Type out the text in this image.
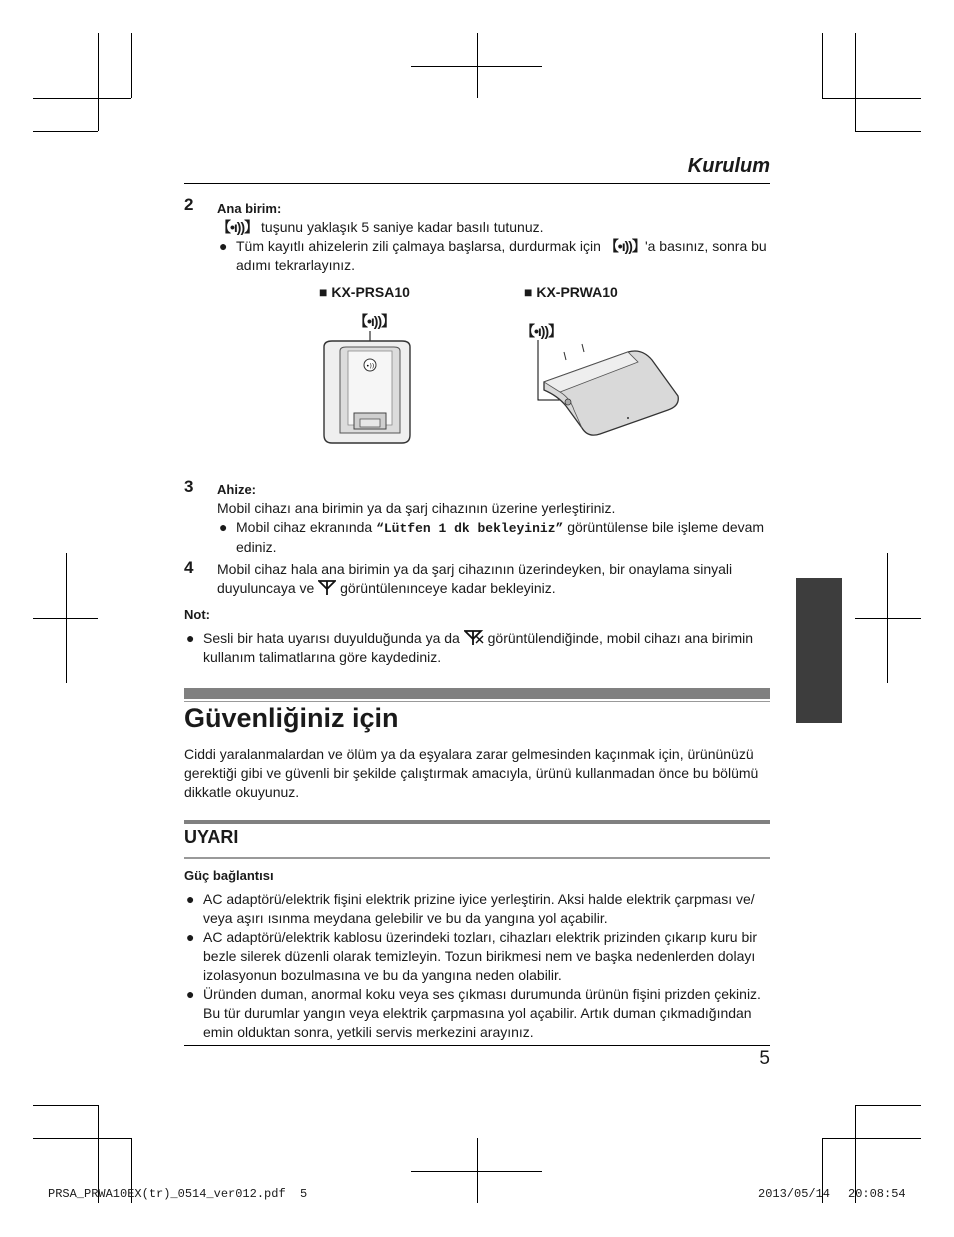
Kurulum
2 Ana birim:
【•ı))】 tuşunu yaklaşık 5 saniye kadar basılı tutunuz.
● Tüm kayıtlı ahizelerin zili çalmaya başlarsa, durdurmak için 【•ı))】'a basınız, sonra bu adımı tekrarlayınız.
■ KX-PRSA10	■ KX-PRWA10
【•ı))】
【•ı))】
•))
3 Ahize:
Mobil cihazı ana birimin ya da şarj cihazının üzerine yerleştiriniz.
● Mobil cihaz ekranında “Lütfen 1 dk bekleyiniz” görüntülense bile işleme devam ediniz.
4 Mobil cihaz hala ana birimin ya da şarj cihazının üzerindeyken, bir onaylama sinyali duyuluncaya ve  görüntülenınceye kadar bekleyiniz.
Not:
● Sesli bir hata uyarısı duyulduğunda ya da  görüntülendiğinde, mobil cihazı ana birimin kullanım talimatlarına göre kaydediniz.
Güvenliğiniz için
Ciddi yaralanmalardan ve ölüm ya da eşyalara zarar gelmesinden kaçınmak için, ürününüzü gerektiği gibi ve güvenli bir şekilde çalıştırmak amacıyla, ürünü kullanmadan önce bu bölümü dikkatle okuyunuz.
UYARI
Güç bağlantısı
● AC adaptörü/elektrik fişini elektrik prizine iyice yerleştirin. Aksi halde elektrik çarpması ve/ veya aşırı ısınma meydana gelebilir ve bu da yangına yol açabilir.
● AC adaptörü/elektrik kablosu üzerindeki tozları, cihazları elektrik prizinden çıkarıp kuru bir bezle silerek düzenli olarak temizleyin. Tozun birikmesi nem ve başka nedenlerden dolayı izolasyonun bozulmasına ve bu da yangına neden olabilir.
● Üründen duman, anormal koku veya ses çıkması durumunda ürünün fişini prizden çekiniz. Bu tür durumlar yangın veya elektrik çarpmasına yol açabilir. Artık duman çıkmadığından emin olduktan sonra, yetkili servis merkezini arayınız.
5
PRSA_PRWA10EX(tr)_0514_ver012.pdf 5	2013/05/14 20:08:54
